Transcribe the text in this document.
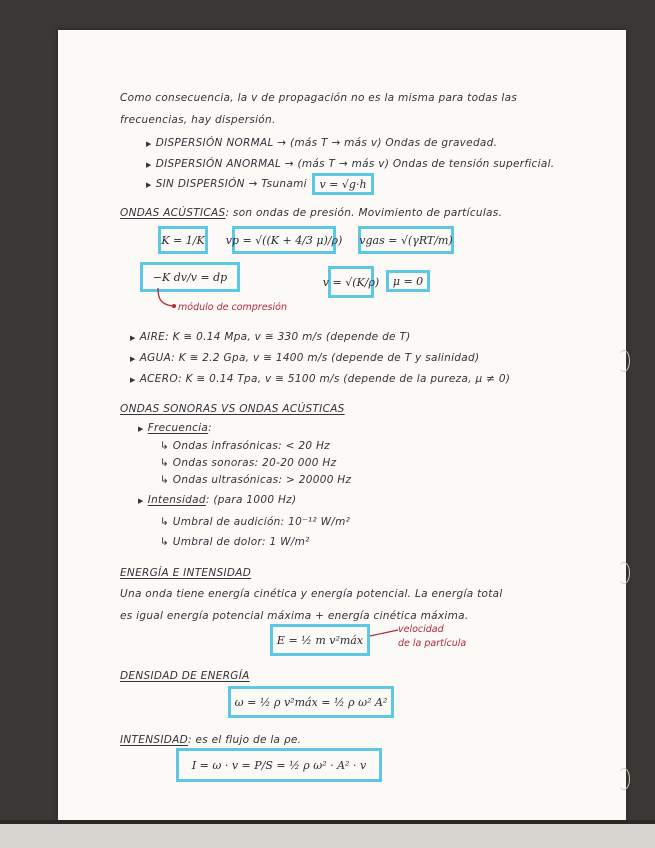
Como consecuencia, la v de propagación no es la misma para todas las
frecuencias, hay dispersión.
▶ DISPERSIÓN NORMAL → (más T → más v) Ondas de gravedad.
▶ DISPERSIÓN ANORMAL → (más T → más v) Ondas de tensión superficial.
▶ SIN DISPERSIÓN → Tsunami	v = √g·h
ONDAS ACÚSTICAS: son ondas de presión. Movimiento de partículas.
K = 1/K	vp = √((K + 4/3 μ)/ρ) vgas = √(γRT/m)
−K dv/v = dp
módulo de compresión
v = √(K/ρ)	μ = 0
▶ AIRE: K ≅ 0.14 Mpa, v ≅ 330 m/s (depende de T)
▶ AGUA: K ≅ 2.2 Gpa, v ≅ 1400 m/s (depende de T y salinidad)
▶ ACERO: K ≅ 0.14 Tpa, v ≅ 5100 m/s (depende de la pureza, μ ≠ 0)
ONDAS SONORAS VS ONDAS ACÚSTICAS
▶ Frecuencia:
↳ Ondas infrasónicas: < 20 Hz
↳ Ondas sonoras: 20-20 000 Hz
↳ Ondas ultrasónicas: > 20000 Hz
▶ Intensidad: (para 1000 Hz)
↳ Umbral de audición: 10⁻¹² W/m²
↳ Umbral de dolor: 1 W/m²
ENERGÍA E INTENSIDAD
Una onda tiene energía cinética y energía potencial. La energía total
es igual energía potencial máxima + energía cinética máxima.
E = ½ m v²máx
velocidad
de la partícula
DENSIDAD DE ENERGÍA
ω = ½ ρ v²máx = ½ ρ ω² A²
INTENSIDAD: es el flujo de la ρe.
I = ω · v = P/S = ½ ρ ω² · A² · v
